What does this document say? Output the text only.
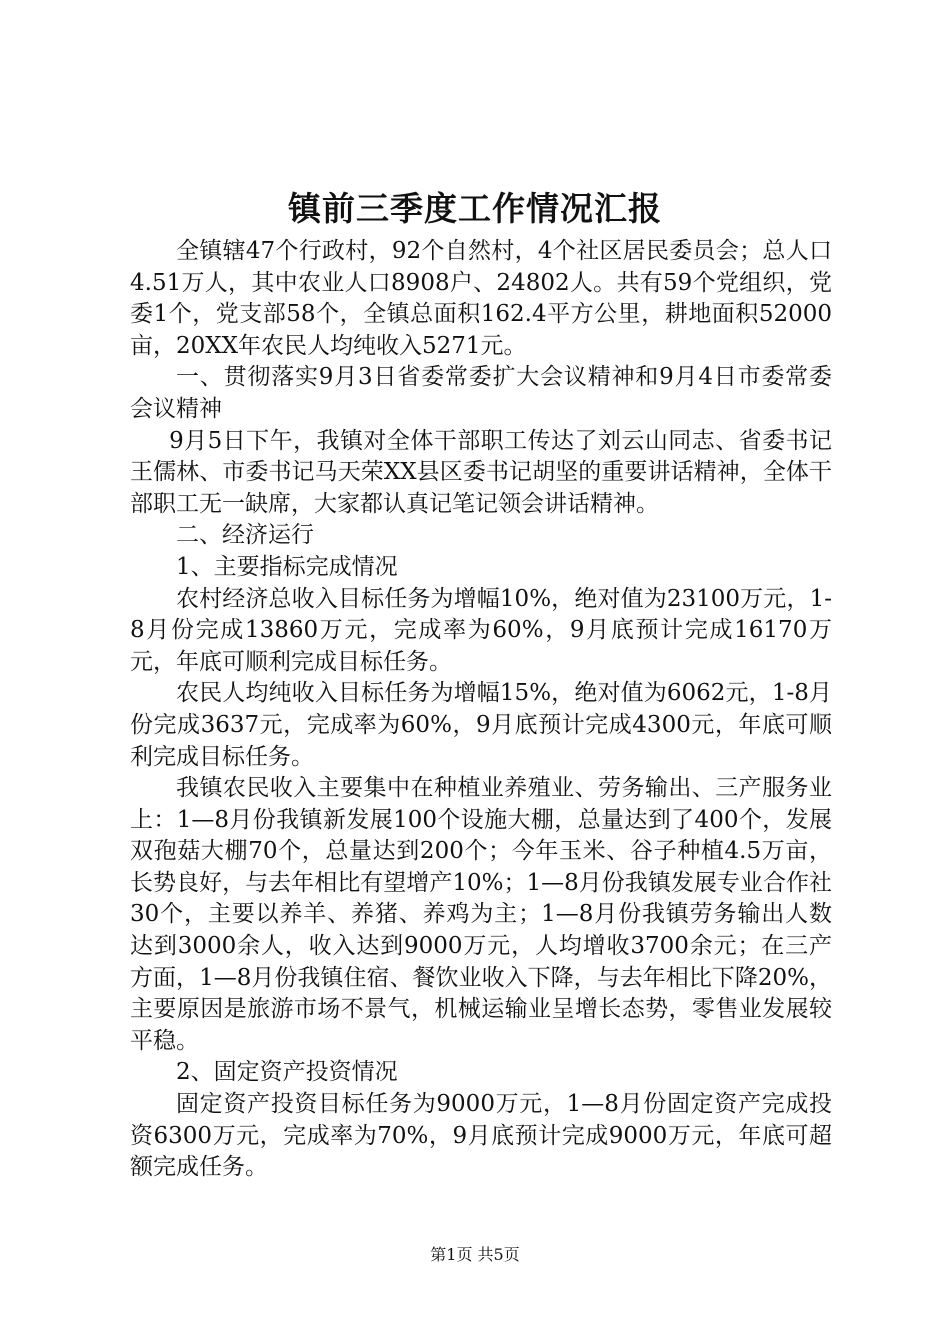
镇前三季度工作情况汇报

全镇辖47个行政村，92个自然村，4个社区居民委员会；总人口4.51万人，其中农业人口8908户、24802人。共有59个党组织，党委1个，党支部58个，全镇总面积162.4平方公里，耕地面积52000亩，20XX年农民人均纯收入5271元。

一、贯彻落实9月3日省委常委扩大会议精神和9月4日市委常委会议精神

9月5日下午，我镇对全体干部职工传达了刘云山同志、省委书记王儒林、市委书记马天荣XX县区委书记胡坚的重要讲话精神，全体干部职工无一缺席，大家都认真记笔记领会讲话精神。

二、经济运行

1、主要指标完成情况

农村经济总收入目标任务为增幅10%，绝对值为23100万元，1-8月份完成13860万元，完成率为60%，9月底预计完成16170万元，年底可顺利完成目标任务。

农民人均纯收入目标任务为增幅15%，绝对值为6062元，1-8月份完成3637元，完成率为60%，9月底预计完成4300元，年底可顺利完成目标任务。

我镇农民收入主要集中在种植业养殖业、劳务输出、三产服务业上：1—8月份我镇新发展100个设施大棚，总量达到了400个，发展双孢菇大棚70个，总量达到200个；今年玉米、谷子种植4.5万亩，长势良好，与去年相比有望增产10%；1—8月份我镇发展专业合作社30个，主要以养羊、养猪、养鸡为主；1—8月份我镇劳务输出人数达到3000余人，收入达到9000万元，人均增收3700余元；在三产方面，1—8月份我镇住宿、餐饮业收入下降，与去年相比下降20%，主要原因是旅游市场不景气，机械运输业呈增长态势，零售业发展较平稳。

2、固定资产投资情况

固定资产投资目标任务为9000万元，1—8月份固定资产完成投资6300万元，完成率为70%，9月底预计完成9000万元，年底可超额完成任务。

第1页 共5页
